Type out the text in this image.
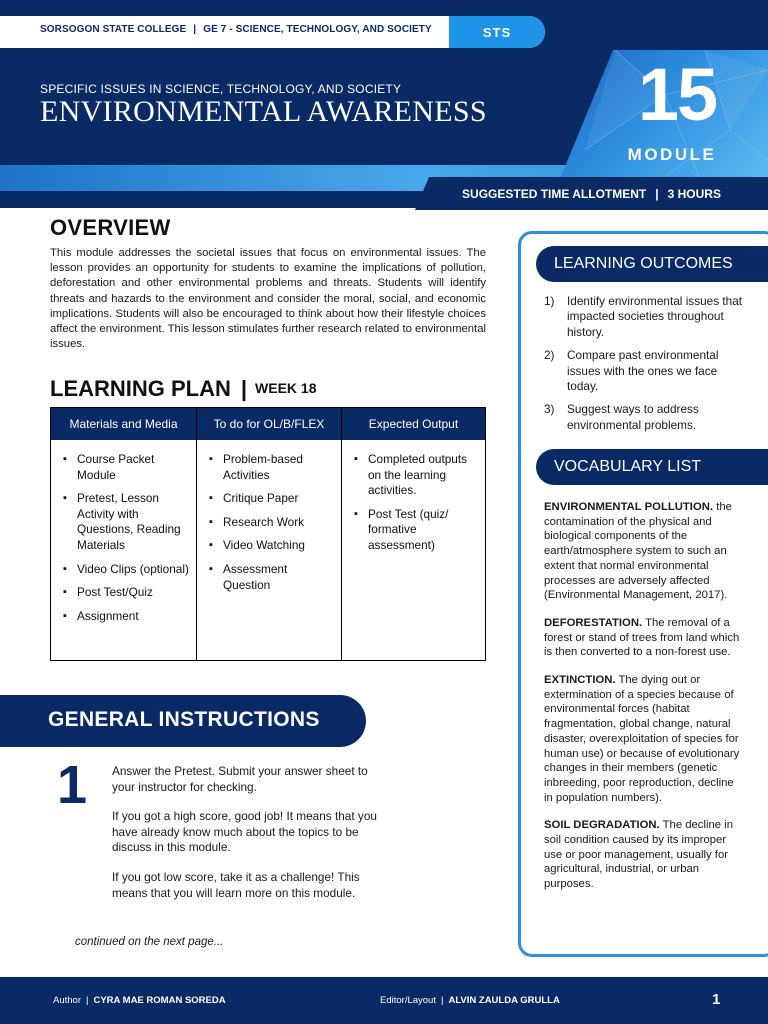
SORSOGON STATE COLLEGE | GE 7 - SCIENCE, TECHNOLOGY, AND SOCIETY	STS
SPECIFIC ISSUES IN SCIENCE, TECHNOLOGY, AND SOCIETY
ENVIRONMENTAL AWARENESS 15
MODULE
SUGGESTED TIME ALLOTMENT | 3 HOURS
OVERVIEW

This module addresses the societal issues that focus on environmental issues. The lesson provides an opportunity for students to examine the implications of pollution, deforestation and other environmental problems and threats. Students will identify threats and hazards to the environment and consider the moral, social, and economic implications. Students will also be encouraged to think about how their lifestyle choices affect the environment. This lesson stimulates further research related to environmental issues.

LEARNING PLAN | WEEK 18
Materials and Media
▪ Course Packet Module
▪ Pretest, Lesson Activity with Questions, Reading Materials
▪ Video Clips (optional)
▪ Post Test/Quiz
▪ Assignment
To do for OL/B/FLEX
▪ Problem-based Activities
▪ Critique Paper
▪ Research Work
▪ Video Watching
▪ Assessment Question
Expected Output
▪ Completed outputs on the learning activities.
▪ Post Test (quiz/ formative assessment)
GENERAL INSTRUCTIONS
1 Answer the Pretest. Submit your answer sheet to your instructor for checking.

If you got a high score, good job! It means that you have already know much about the topics to be discuss in this module.

If you got low score, take it as a challenge! This means that you will learn more on this module.

continued on the next page...
LEARNING OUTCOMES
1)	Identify environmental issues that impacted societies throughout history.
2)	Compare past environmental issues with the ones we face today.
3)	Suggest ways to address environmental problems.
VOCABULARY LIST

ENVIRONMENTAL POLLUTION. the contamination of the physical and biological components of the earth/atmosphere system to such an extent that normal environmental processes are adversely affected (Environmental Management, 2017).

DEFORESTATION. The removal of a forest or stand of trees from land which is then converted to a non-forest use.

EXTINCTION. The dying out or extermination of a species because of environmental forces (habitat fragmentation, global change, natural disaster, overexploitation of species for human use) or because of evolutionary changes in their members (genetic inbreeding, poor reproduction, decline in population numbers).

SOIL DEGRADATION. The decline in soil condition caused by its improper use or poor management, usually for agricultural, industrial, or urban purposes.

Author | CYRA MAE ROMAN SOREDA	Editor/Layout | ALVIN ZAULDA GRULLA	1
